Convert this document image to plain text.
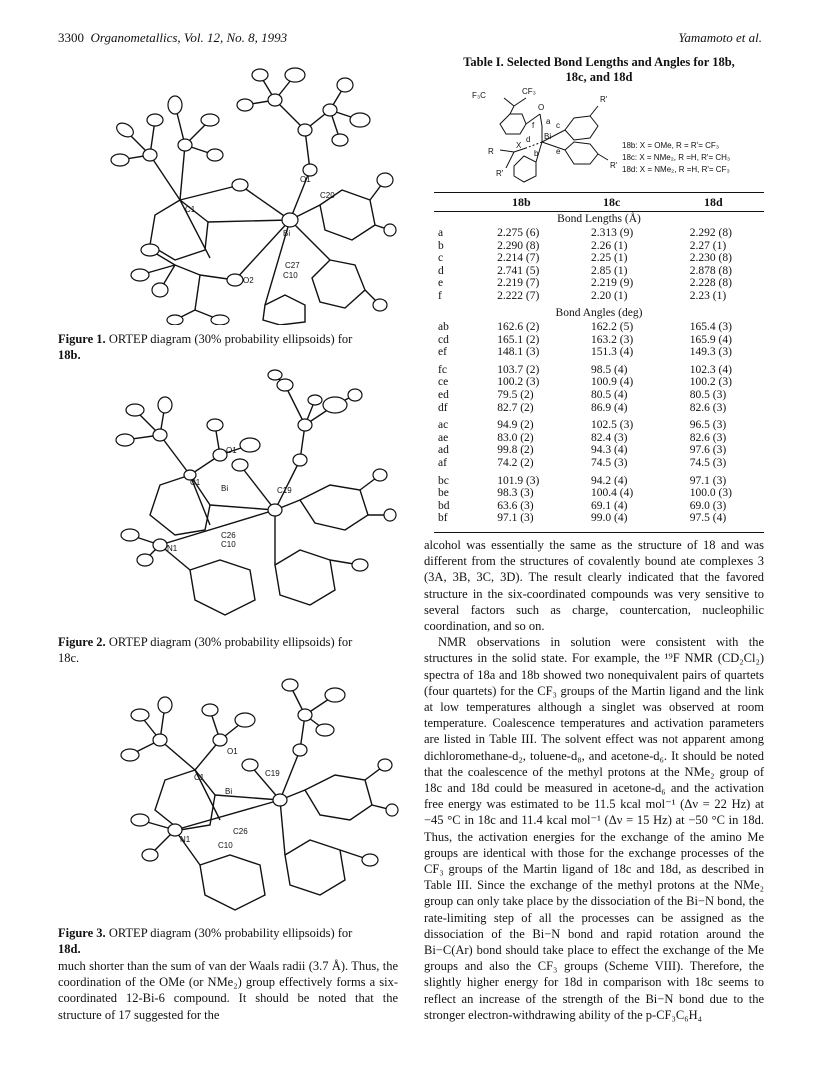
3300 Organometallics, Vol. 12, No. 8, 1993	Yamamoto et al.
C1
O1
Bi
C20
C27
O2
C10
Figure 1. ORTEP diagram (30% probability ellipsoids) for
18b.
O1
C1
Bi	C19
C26
N1	C10
Figure 2. ORTEP diagram (30% probability ellipsoids) for
18c.
O1
C1	C19
Bi
C26
N1
C10
Figure 3. ORTEP diagram (30% probability ellipsoids) for
18d.

much shorter than the sum of van der Waals radii (3.7 Å). Thus, the coordination of the OMe (or NMe₂) group effectively forms a six-coordinated 12-Bi-6 compound. It should be noted that the structure of 17 suggested for the

Table I. Selected Bond Lengths and Angles for 18b,
18c, and 18d
F₃C	CF₃
O
R'
f a c
Bi
d
b e
X
R
R'
R'
18b: X = OMe, R = R'= CF₃
18c: X = NMe₂, R =H, R'= CH₃
18d: X = NMe₂, R =H, R'= CF₃
18b	18c	18d
Bond Lengths (Å)
a	2.275 (6)	2.313 (9)	2.292 (8)
b	2.290 (8)	2.26 (1)	2.27 (1)
c	2.214 (7)	2.25 (1)	2.230 (8)
d	2.741 (5)	2.85 (1)	2.878 (8)
e	2.219 (7)	2.219 (9)	2.228 (8)
f	2.222 (7)	2.20 (1)	2.23 (1)
Bond Angles (deg)
ab	162.6 (2)	162.2 (5)	165.4 (3)
cd	165.1 (2)	163.2 (3)	165.9 (4)
ef	148.1 (3)	151.3 (4)	149.3 (3)
fc	103.7 (2)	98.5 (4)	102.3 (4)
ce	100.2 (3)	100.9 (4)	100.2 (3)
ed	79.5 (2)	80.5 (4)	80.5 (3)
df	82.7 (2)	86.9 (4)	82.6 (3)
ac	94.9 (2)	102.5 (3)	96.5 (3)
ae	83.0 (2)	82.4 (3)	82.6 (3)
ad	99.8 (2)	94.3 (4)	97.6 (3)
af	74.2 (2)	74.5 (3)	74.5 (3)
bc	101.9 (3)	94.2 (4)	97.1 (3)
be	98.3 (3)	100.4 (4)	100.0 (3)
bd	63.6 (3)	69.1 (4)	69.0 (3)
bf	97.1 (3)	99.0 (4)	97.5 (4)

alcohol was essentially the same as the structure of 18 and was different from the structures of covalently bound ate complexes 3 (3A, 3B, 3C, 3D). The result clearly indicated that the favored structure in the six-coordinated compounds was very sensitive to several factors such as charge, countercation, nucleophilic coordination, and so on.

NMR observations in solution were consistent with the structures in the solid state. For example, the ¹⁹F NMR (CD₂Cl₂) spectra of 18a and 18b showed two nonequivalent pairs of quartets (four quartets) for the CF₃ groups of the Martin ligand and the link at low temperatures although a singlet was observed at room temperature. Coalescence temperatures and activation parameters are listed in Table III. The solvent effect was not apparent among dichloromethane-d₂, toluene-d₈, and acetone-d₆. It should be noted that the coalescence of the methyl protons at the NMe₂ group of 18c and 18d could be measured in acetone-d₆ and the activation free energy was estimated to be 11.5 kcal mol⁻¹ (Δν = 22 Hz) at −45 °C in 18c and 11.4 kcal mol⁻¹ (Δν = 15 Hz) at −50 °C in 18d. Thus, the activation energies for the exchange of the amino Me groups are identical with those for the exchange processes of the CF₃ groups of the Martin ligand of 18c and 18d, as described in Table III. Since the exchange of the methyl protons at the NMe₂ group can only take place by the dissociation of the Bi−N bond, the rate-limiting step of all the processes can be assigned as the dissociation of the Bi−N bond and rapid rotation around the Bi−C(Ar) bond should take place to effect the exchange of the Me groups and also the CF₃ groups (Scheme VIII). Therefore, the slightly higher energy for 18d in comparison with 18c seems to reflect an increase of the strength of the Bi−N bond due to the stronger electron-withdrawing ability of the p-CF₃C₆H₄
